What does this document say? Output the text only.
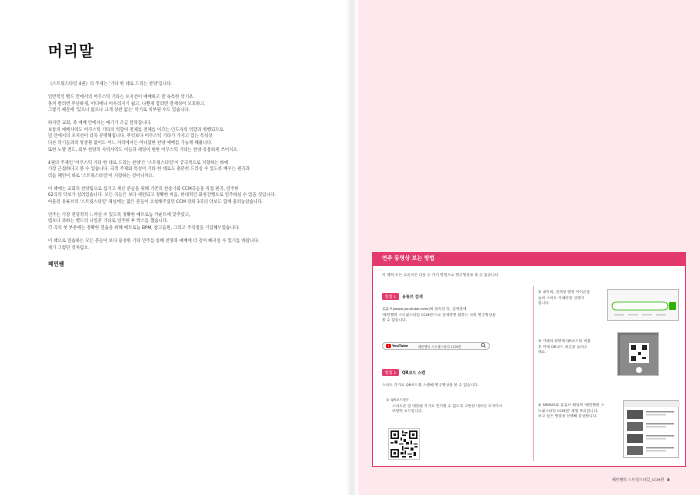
머리말

《스트릿스타일 4권》의 주제는 '기타 한 대로 드리는 찬양'입니다.

일반적인 밴드 안에서의 어쿠스틱 기타는 포지션이 애매하고 잘 독특한 악기죠.

홍켜 발려면 무난하게, 어디에나 어우러지기 쉽고, 나뿐게 할려면 잘재성이 모호하고,

그렇기 때문에 '있으나 없으나 크게 상관 없는' 악기로 치부될 수도 있습니다.

하지만 교회, 즉 예배 안에서는 얘기가 조금 달라집니다.

보통의 예배사역도 어쿠스틱 기타의 역할이 전체를 전체를 이끄는 인도자의 역할과 병행되므로

밀 안에서의 포지션이 더욱 분명해집니다. 무엇보다 어쿠스틱 기타가 가지고 있는 특성상

다른 악기들과의 앙상블 없이도 어느 자리에서든 어나함한 찬양 예배를 가능케 해줍니다.

또한 노방 전도, 외부 찬양의 사역사역도 이들과 세팅이 편한 어쿠스틱 기타는 찬양 유용하게 쓰이지요.

4권의 주제인 '어쿠스틱 기타 한 대로 드리는 찬양'은 '스트릿스타일'이 궁극적으로 지향하는 바에

가장 근접하다고 볼 수 있습니다. 극적 주제와 특성이 기타 한 대로도 충분히 드리실 수 있도록 배우는 편곡과

리듬 패턴이 바로 '스트릿스타일'이 지향하는 것이니까요.

이 책에는 교회의 찬양팀으로 섬기고 계신 분들을 위해 기존의 찬송가와 CCM곡들을 직접 편곡, 연주한

62곡의 악보가 실려있습니다. 모든 곡들은 보다 세련되고 정확한 비음, 한대적인 화성진행으로 연주하실 수 있을 것입니다.

아울러 유튜브의 '스트릿스타일' 채널에는 많은 분들이 요청해주셨던 CCM 강좌 3곡의 악보도 함께 올려놓았습니다.

연주는 가장 전형적적 느껴실 수 있도록 정확한 메트로놈 카운트에 맞추었고,

템포다 과하는 밸드의 나일준 기타로 연주한 후 박스를 했습니다.

각 곡의 첫 부분에는 정확한 연습을 위해 메트로놈 BPM, 참고음원, 그리고 주의점을 기입해두었습니다.

이 책으로 연습하는 모든 분들이 보다 풍성한 기타 연주를 통해 찬양과 예배에 더 깊이 빠지실 수 있기를 바랍니다.

계가 그렇던 것처럼요.

혜민쌤
연주 동영상 보는 방법
이 책의 모든 수록곡은 다음 두 가지 방법으로 연주영상을 볼 수 있습니다.
방법 1	유튜브 검색

유튜브(www.youtube.com)에 접속한 후, 검색창에

'혜민쌤의 스트릿스타일 CCM편'으로 검색하면 원하는 곡의 연주영상을

볼 수 있습니다.

YouTube	혜민쌤의 스트릿스타일 CCM편
방법 2	QR코드 스캔
스마트 기기로 QR코드를 스캔해 연주영상을 볼 수 있습니다.

① QR코드란?

스마트폰 및 태블릿 기기로 인식할 수 있도록 고안된 네모난 모자이크

모양의 코드입니다.

② 네이버, 검색창 옆의 아이콘을

눌러 스마트 카메라를 실행시

킵니다.

③ 카메라 화면에 QR코드를 비춘

후 이에 QR코드 버튼을 눌러주

세요.

④ SRMUSIC 유튜브 채널의 '혜민쌤의 스

트릿스타일 CCM편' 재생 목록입니다.

보고 싶은 영상을 선택해 감상합니다.

혜민쌤의 스트릿스타일_CCM편 5
